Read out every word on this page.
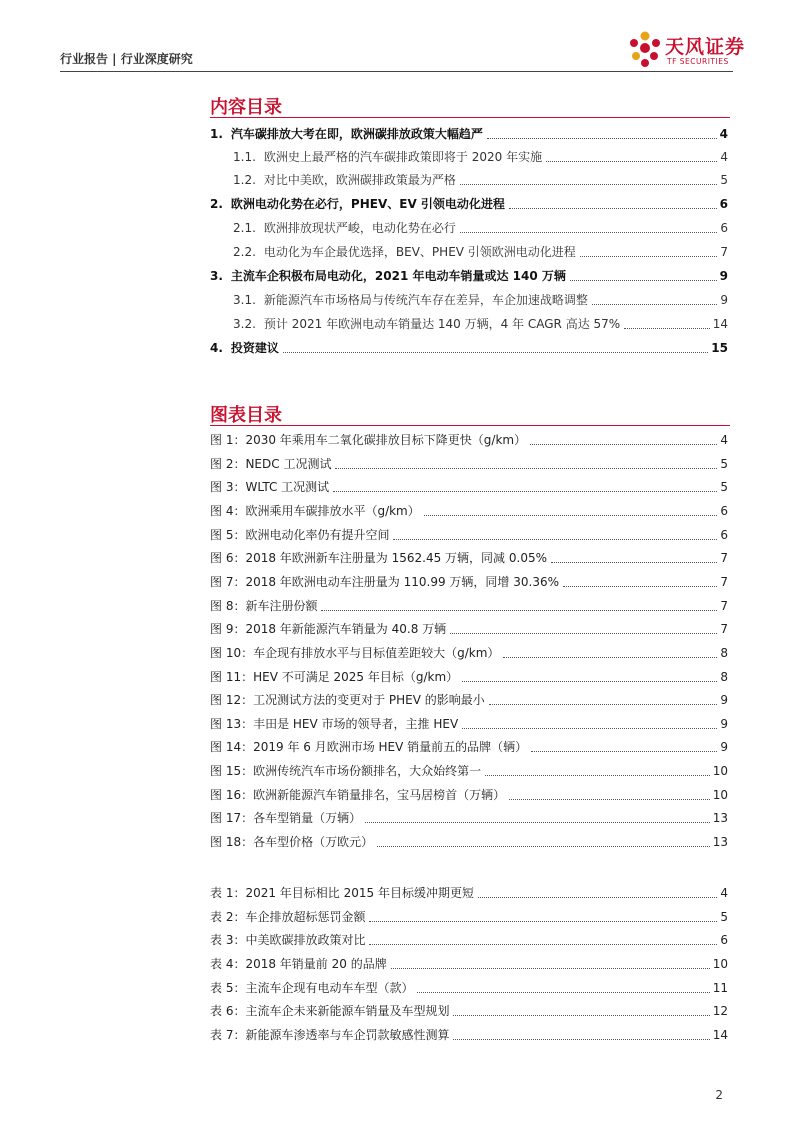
行业报告 | 行业深度研究
天风证券
TF SECURITIES
内容目录
1. 汽车碳排放大考在即，欧洲碳排放政策大幅趋严	4
1.1. 欧洲史上最严格的汽车碳排政策即将于 2020 年实施	4
1.2. 对比中美欧，欧洲碳排政策最为严格	5
2. 欧洲电动化势在必行，PHEV、EV 引领电动化进程	6
2.1. 欧洲排放现状严峻，电动化势在必行	6
2.2. 电动化为车企最优选择，BEV、PHEV 引领欧洲电动化进程	7
3. 主流车企积极布局电动化，2021 年电动车销量或达 140 万辆	9
3.1. 新能源汽车市场格局与传统汽车存在差异，车企加速战略调整	9
3.2. 预计 2021 年欧洲电动车销量达 140 万辆，4 年 CAGR 高达 57%	14
4. 投资建议	15
图表目录
图 1：2030 年乘用车二氧化碳排放目标下降更快（g/km）	4
图 2：NEDC 工况测试	5
图 3：WLTC 工况测试	5
图 4：欧洲乘用车碳排放水平（g/km）	6
图 5：欧洲电动化率仍有提升空间	6
图 6：2018 年欧洲新车注册量为 1562.45 万辆，同减 0.05%	7
图 7：2018 年欧洲电动车注册量为 110.99 万辆，同增 30.36%	7
图 8：新车注册份额	7
图 9：2018 年新能源汽车销量为 40.8 万辆	7
图 10：车企现有排放水平与目标值差距较大（g/km）	8
图 11：HEV 不可满足 2025 年目标（g/km）	8
图 12：工况测试方法的变更对于 PHEV 的影响最小	9
图 13：丰田是 HEV 市场的领导者，主推 HEV	9
图 14：2019 年 6 月欧洲市场 HEV 销量前五的品牌（辆）	9
图 15：欧洲传统汽车市场份额排名，大众始终第一	10
图 16：欧洲新能源汽车销量排名，宝马居榜首（万辆）	10
图 17：各车型销量（万辆）	13
图 18：各车型价格（万欧元）	13
表 1：2021 年目标相比 2015 年目标缓冲期更短	4
表 2：车企排放超标惩罚金额	5
表 3：中美欧碳排放政策对比	6
表 4：2018 年销量前 20 的品牌	10
表 5：主流车企现有电动车车型（款）	11
表 6：主流车企未来新能源车销量及车型规划	12
表 7：新能源车渗透率与车企罚款敏感性测算	14
2
